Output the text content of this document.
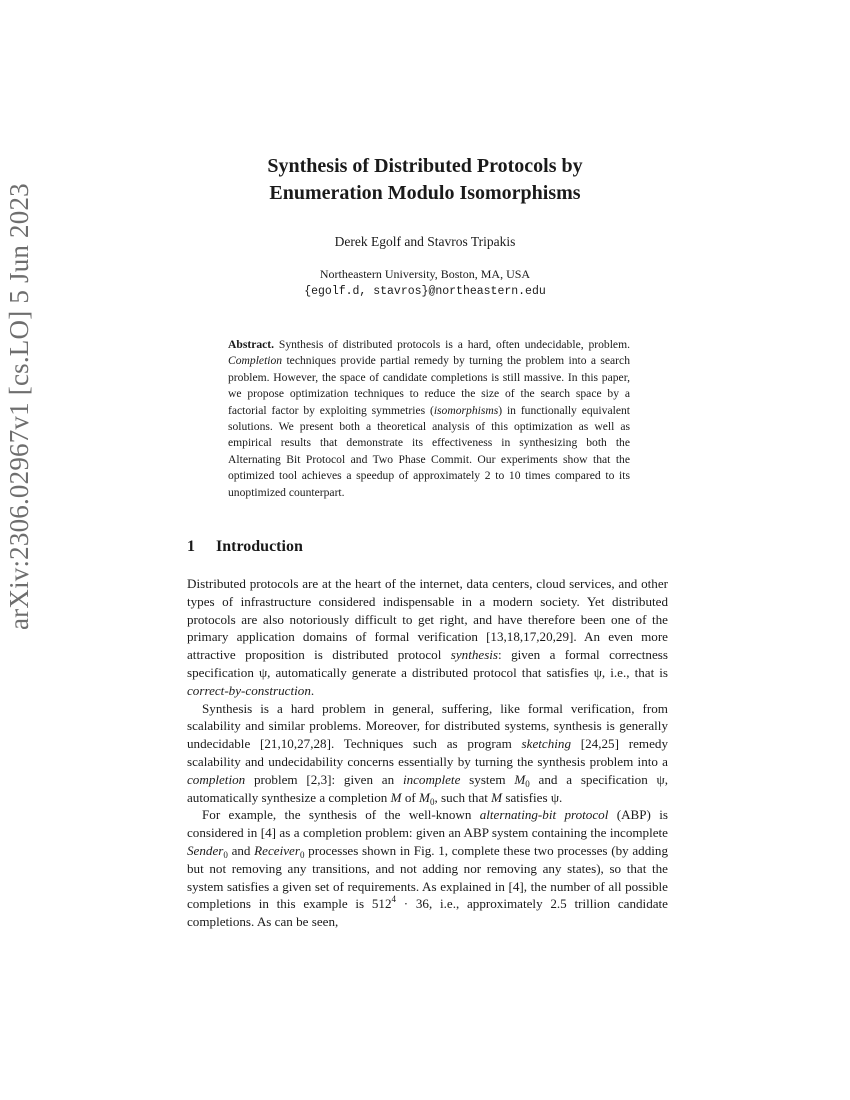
arXiv:2306.02967v1 [cs.LO] 5 Jun 2023
Synthesis of Distributed Protocols by
Enumeration Modulo Isomorphisms
Derek Egolf and Stavros Tripakis
Northeastern University, Boston, MA, USA
{egolf.d, stavros}@northeastern.edu

Abstract. Synthesis of distributed protocols is a hard, often undecidable, problem. Completion techniques provide partial remedy by turning the problem into a search problem. However, the space of candidate completions is still massive. In this paper, we propose optimization techniques to reduce the size of the search space by a factorial factor by exploiting symmetries (isomorphisms) in functionally equivalent solutions. We present both a theoretical analysis of this optimization as well as empirical results that demonstrate its effectiveness in synthesizing both the Alternating Bit Protocol and Two Phase Commit. Our experiments show that the optimized tool achieves a speedup of approximately 2 to 10 times compared to its unoptimized counterpart.

1 Introduction

Distributed protocols are at the heart of the internet, data centers, cloud services, and other types of infrastructure considered indispensable in a modern society. Yet distributed protocols are also notoriously difficult to get right, and have therefore been one of the primary application domains of formal verification [13,18,17,20,29]. An even more attractive proposition is distributed protocol synthesis: given a formal correctness specification ψ, automatically generate a distributed protocol that satisfies ψ, i.e., that is correct-by-construction.

Synthesis is a hard problem in general, suffering, like formal verification, from scalability and similar problems. Moreover, for distributed systems, synthesis is generally undecidable [21,10,27,28]. Techniques such as program sketching [24,25] remedy scalability and undecidability concerns essentially by turning the synthesis problem into a completion problem [2,3]: given an incomplete system $M_0$ and a specification ψ, automatically synthesize a completion M of $M_0$, such that M satisfies ψ.

For example, the synthesis of the well-known alternating-bit protocol (ABP) is considered in [4] as a completion problem: given an ABP system containing the incomplete Sender$_0$ and Receiver$_0$ processes shown in Fig. 1, complete these two processes (by adding but not removing any transitions, and not adding nor removing any states), so that the system satisfies a given set of requirements. As explained in [4], the number of all possible completions in this example is $512^4 \cdot 36$, i.e., approximately 2.5 trillion candidate completions. As can be seen,
